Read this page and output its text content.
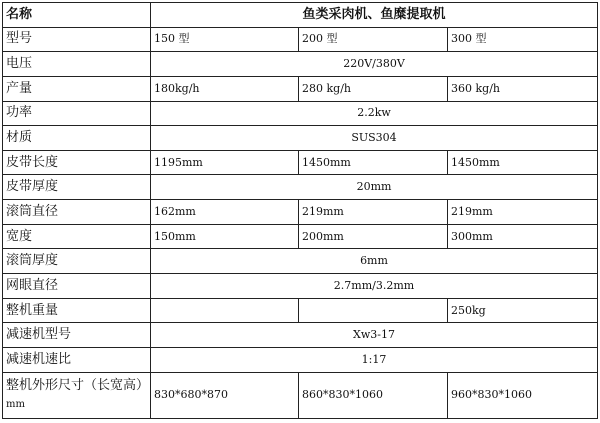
名称	鱼类采肉机、鱼糜提取机		
型号	150 型	200 型	300 型
电压	220V/380V		
产量	180kg/h	280 kg/h	360 kg/h
功率	2.2kw		
材质	SUS304		
皮带长度	1195mm	1450mm	1450mm
皮带厚度	20mm		
滚筒直径	162mm	219mm	219mm
宽度	150mm	200mm	300mm
滚筒厚度	6mm		
网眼直径	2.7mm/3.2mm		
整机重量			250kg
减速机型号	Xw3-17		
减速机速比	1:17		
整机外形尺寸（长宽高）mm	830*680*870	860*830*1060	960*830*1060
